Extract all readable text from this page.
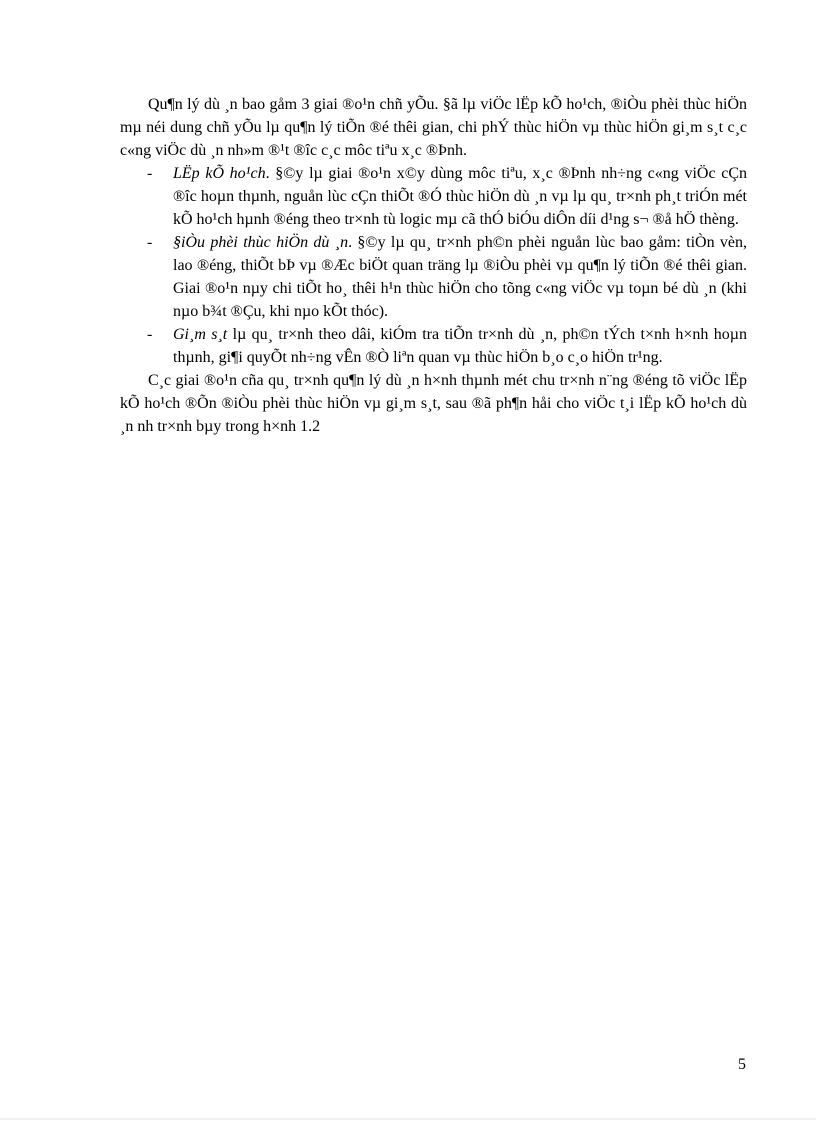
Qu¶n lý dù ¸n bao gåm 3 giai ®o¹n chñ yÕu. §ã lµ viÖc lËp kÕ ho¹ch, ®iÒu phèi thùc hiÖn mµ néi dung chñ yÕu lµ qu¶n lý tiÕn ®é thêi gian, chi phÝ thùc hiÖn vµ thùc hiÖn gi¸m s¸t c¸c c«ng viÖc dù ¸n nh»m ®¹t ®îc c¸c môc tiªu x¸c ®Þnh.

- LËp kÕ ho¹ch. §©y lµ giai ®o¹n x©y dùng môc tiªu, x¸c ®Þnh nh÷ng c«ng viÖc cÇn ®îc hoµn thµnh, nguån lùc cÇn thiÕt ®Ó thùc hiÖn dù ¸n vµ lµ qu¸ tr×nh ph¸t triÓn mét kÕ ho¹ch hµnh ®éng theo tr×nh tù logic mµ cã thÓ biÓu diÔn díi d¹ng s¬ ®å hÖ thèng.
- §iÒu phèi thùc hiÖn dù ¸n. §©y lµ qu¸ tr×nh ph©n phèi nguån lùc bao gåm: tiÒn vèn, lao ®éng, thiÕt bÞ vµ ®Æc biÖt quan träng lµ ®iÒu phèi vµ qu¶n lý tiÕn ®é thêi gian. Giai ®o¹n nµy chi tiÕt ho¸ thêi h¹n thùc hiÖn cho tõng c«ng viÖc vµ toµn bé dù ¸n (khi nµo b¾t ®Çu, khi nµo kÕt thóc).
- Gi¸m s¸t lµ qu¸ tr×nh theo dâi, kiÓm tra tiÕn tr×nh dù ¸n, ph©n tÝch t×nh h×nh hoµn thµnh, gi¶i quyÕt nh÷ng vÊn ®Ò liªn quan vµ thùc hiÖn b¸o c¸o hiÖn tr¹ng.

C¸c giai ®o¹n cña qu¸ tr×nh qu¶n lý dù ¸n h×nh thµnh mét chu tr×nh n¨ng ®éng tõ viÖc lËp kÕ ho¹ch ®Õn ®iÒu phèi thùc hiÖn vµ gi¸m s¸t, sau ®ã ph¶n håi cho viÖc t¸i lËp kÕ ho¹ch dù ¸n nh tr×nh bµy trong h×nh 1.2

5
